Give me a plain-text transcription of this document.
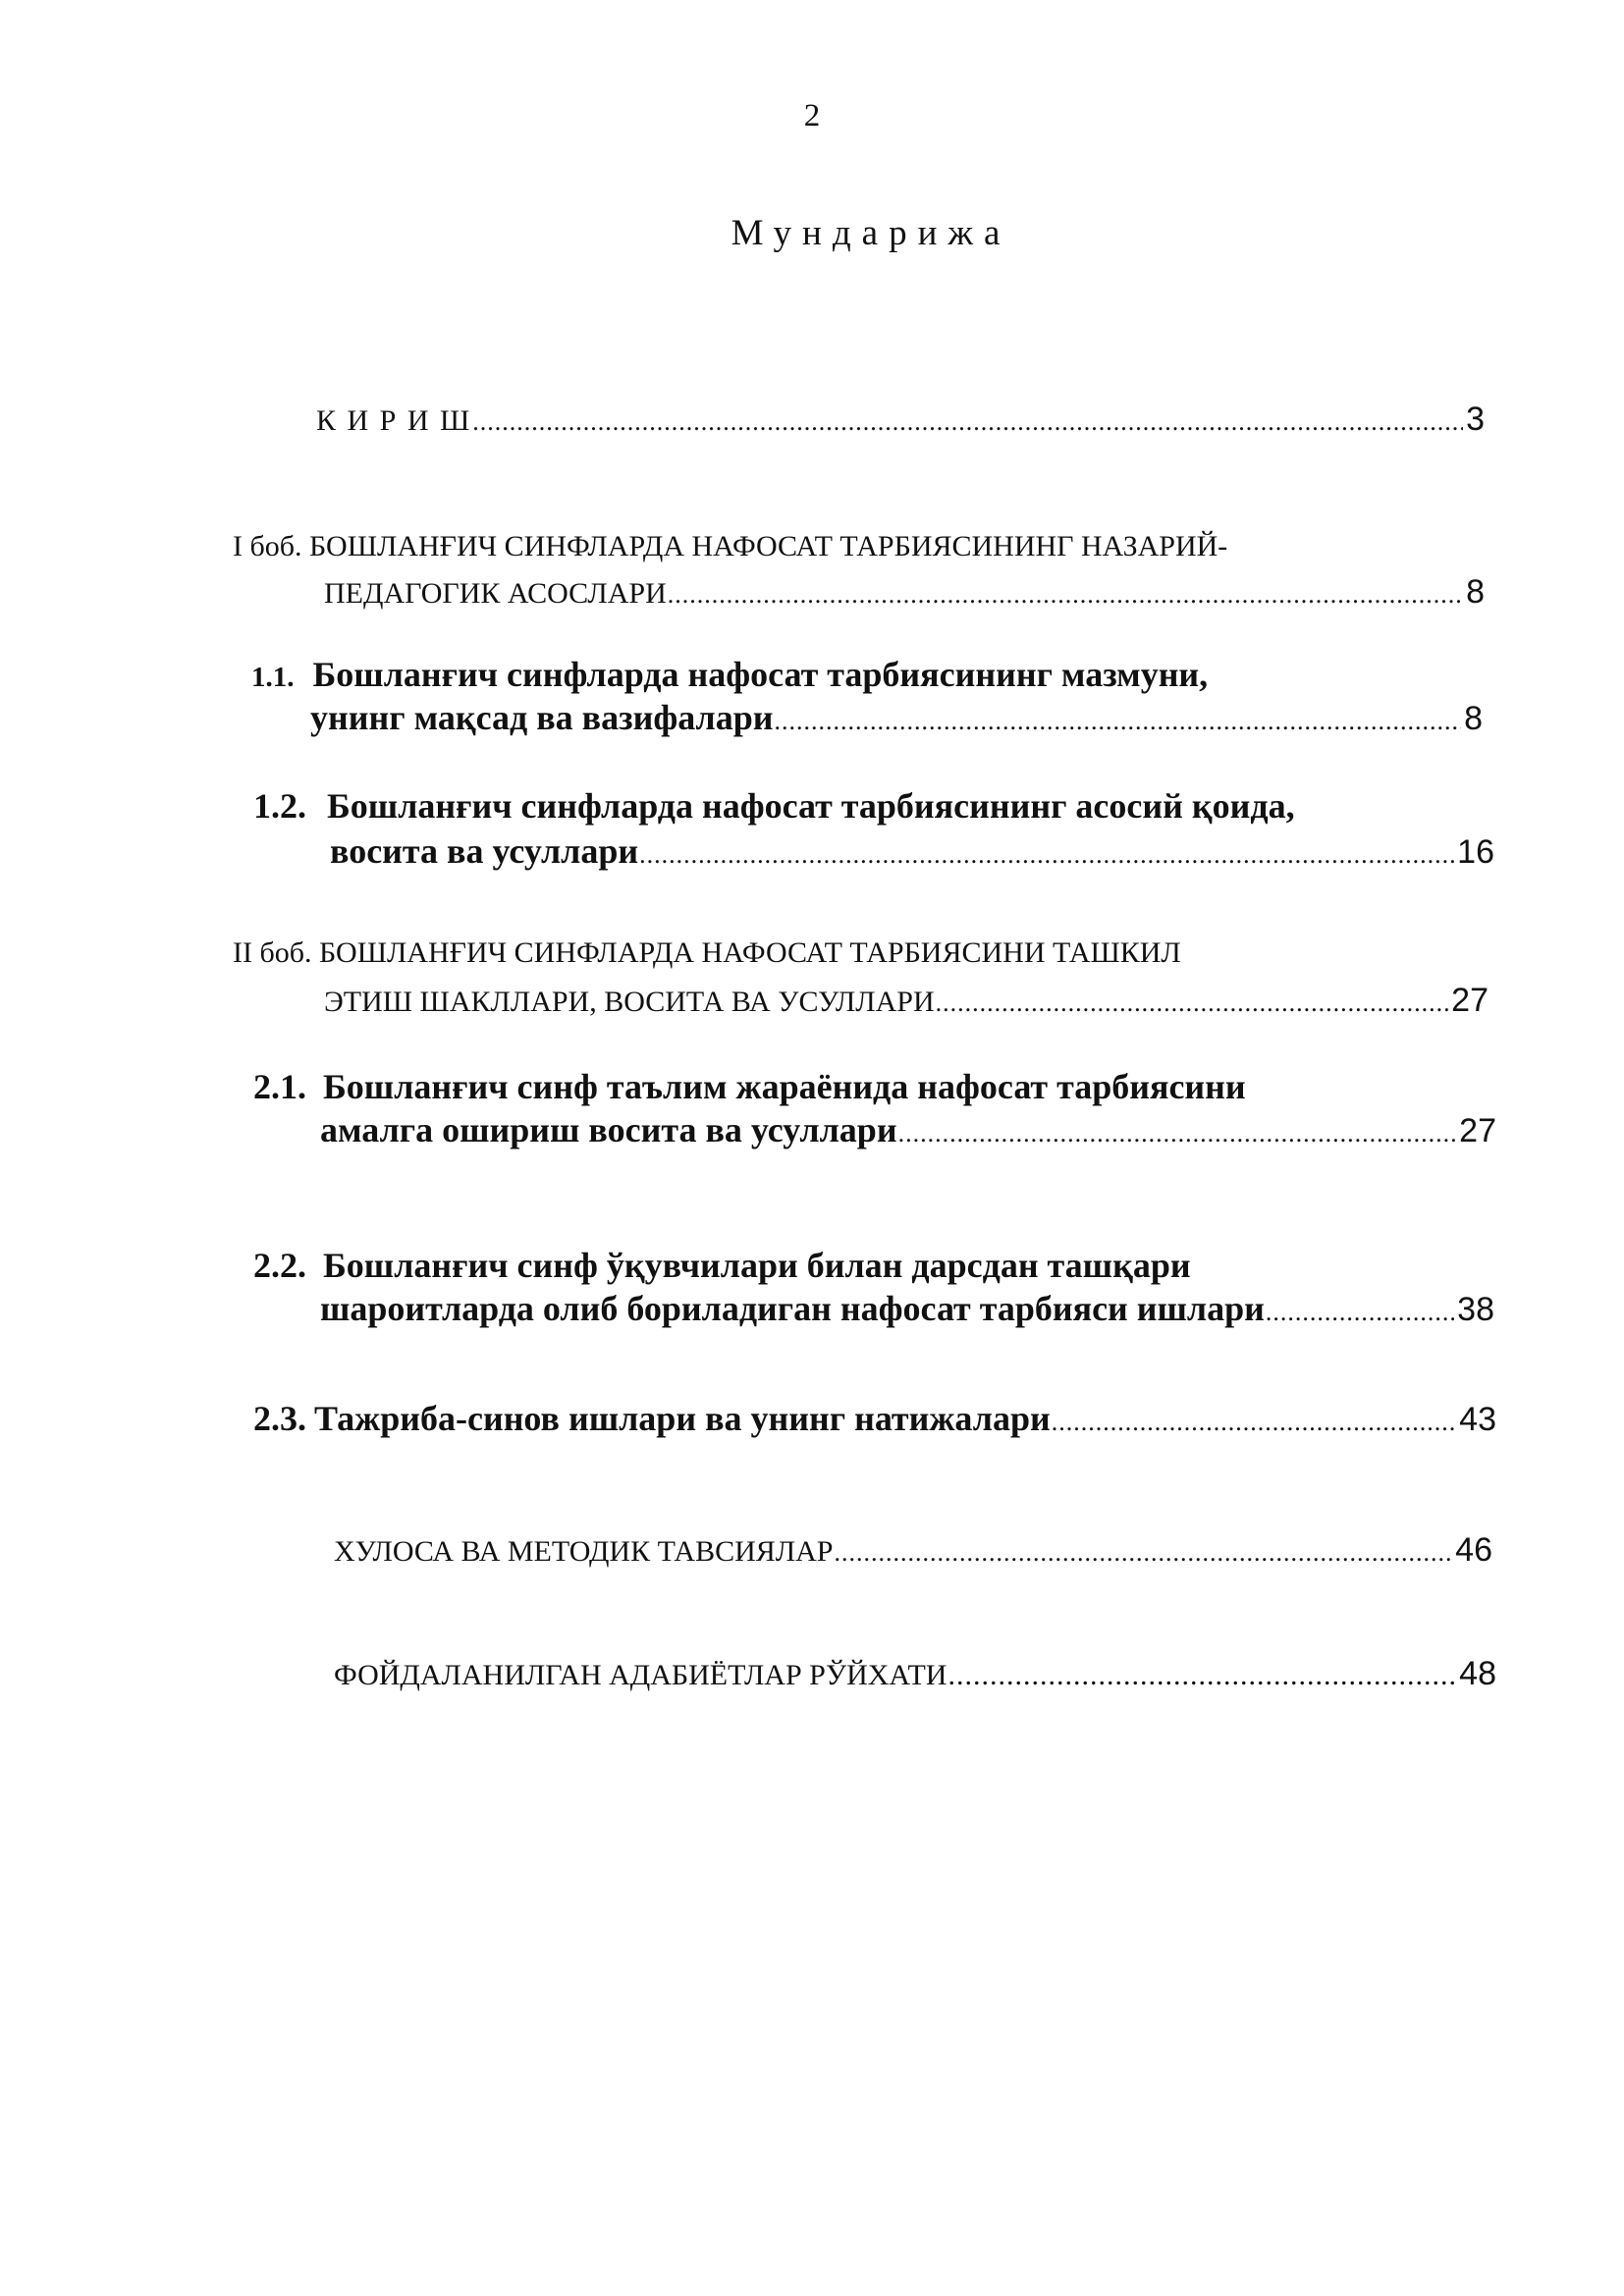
2
Мундарижа
К И Р И Ш .....	3
I боб. БОШЛАНҒИЧ СИНФЛАРДА НАФОСАТ ТАРБИЯСИНИНГ НАЗАРИЙ-
ПЕДАГОГИК АСОСЛАРИ .....	8
1.1. Бошланғич синфларда нафосат тарбиясининг мазмуни,
унинг мақсад ва вазифалари .....	8
1.2. Бошланғич синфларда нафосат тарбиясининг асосий қоида,
восита ва усуллари .....	16
II боб. БОШЛАНҒИЧ СИНФЛАРДА НАФОСАТ ТАРБИЯСИНИ ТАШКИЛ
ЭТИШ ШАКЛЛАРИ, ВОСИТА ВА УСУЛЛАРИ .....	27
2.1. Бошланғич синф таълим жараёнида нафосат тарбиясини
амалга ошириш восита ва усуллари .....	27
2.2. Бошланғич синф ўқувчилари билан дарсдан ташқари
шароитларда олиб бориладиган нафосат тарбияси ишлари .....	38
2.3. Тажриба-синов ишлари ва унинг натижалари .....	43
ХУЛОСА ВА МЕТОДИК ТАВСИЯЛАР .....	46
ФОЙДАЛАНИЛГАН АДАБИЁТЛАР РЎЙХАТИ .....	48
